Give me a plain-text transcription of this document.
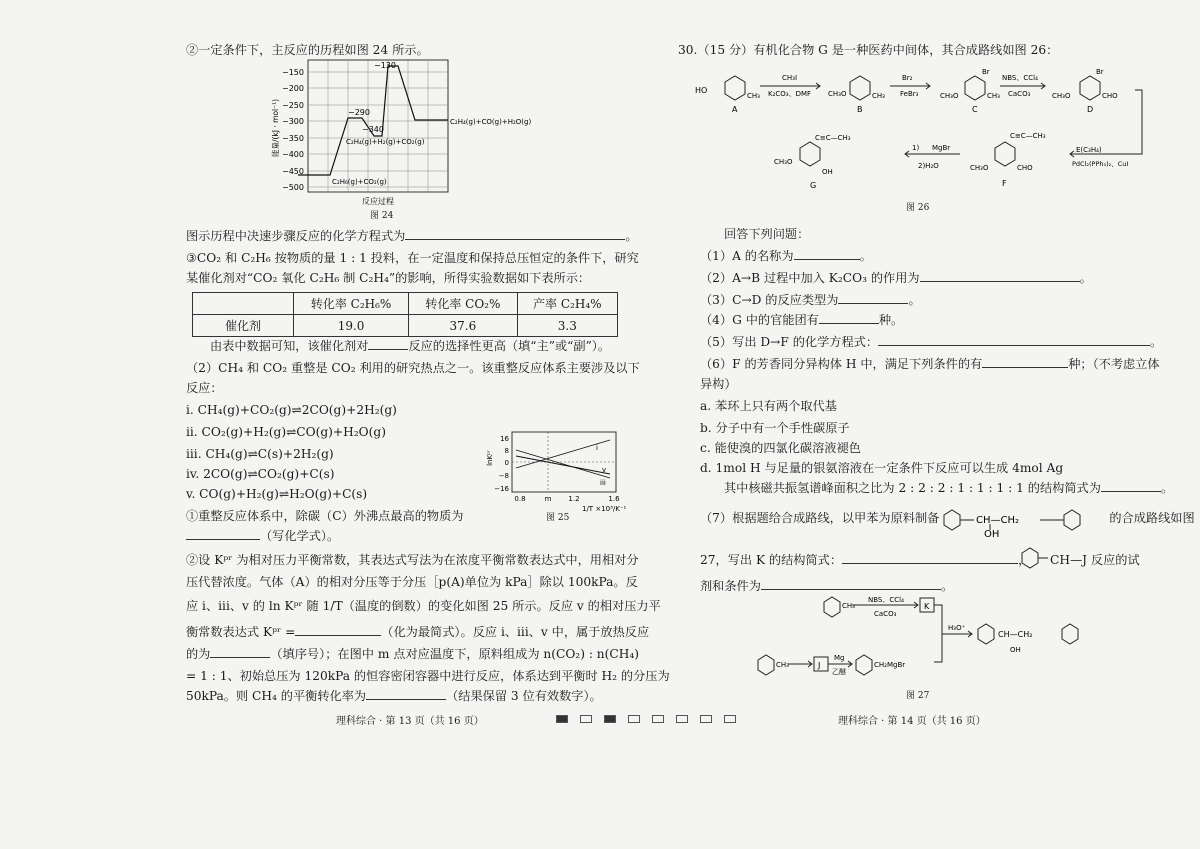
②一定条件下，主反应的历程如图 24 所示。
−150
−200
−250
−300
−350
−400
−450
−500
能量/(kJ · mol⁻¹)	−290
−130
−340
C₂H₄(g)+H₂(g)+CO₂(g)
C₂H₆(g)+CO₂(g)
C₂H₄(g)+CO(g)+H₂O(g)
反应过程
图 24
图示历程中决速步骤反应的化学方程式为	。
③CO₂ 和 C₂H₆ 按物质的量 1 : 1 投料，在一定温度和保持总压恒定的条件下，研究
某催化剂对“CO₂ 氧化 C₂H₆ 制 C₂H₄”的影响，所得实验数据如下表所示：
	转化率 C₂H₆%	转化率 CO₂%	产率 C₂H₄%
催化剂	19.0	37.6	3.3
由表中数据可知，该催化剂对	反应的选择性更高（填“主”或“副”）。
（2）CH₄ 和 CO₂ 重整是 CO₂ 利用的研究热点之一。该重整反应体系主要涉及以下
反应：
i. CH₄(g)+CO₂(g)⇌2CO(g)+2H₂(g)
ii. CO₂(g)+H₂(g)⇌CO(g)+H₂O(g)
iii. CH₄(g)⇌C(s)+2H₂(g)
iv. 2CO(g)⇌CO₂(g)+C(s)
v. CO(g)+H₂(g)⇌H₂O(g)+C(s)
i
iii
v
16
8
0
−8
−16
lnKᵖʳ
0.8	m 1.2	1.6
1/T ×10³/K⁻¹
图 25
①重整反应体系中，除碳（C）外沸点最高的物质为
（写化学式）。
②设 Kᵖʳ 为相对压力平衡常数，其表达式写法为在浓度平衡常数表达式中，用相对分
压代替浓度。气体（A）的相对分压等于分压［p(A)单位为 kPa］除以 100kPa。反
应 i、iii、v 的 ln Kᵖʳ 随 1/T（温度的倒数）的变化如图 25 所示。反应 v 的相对压力平
衡常数表达式 Kᵖʳ =	（化为最简式）。反应 i、iii、v 中，属于放热反应
的为	（填序号）；在图中 m 点对应温度下，原料组成为 n(CO₂) : n(CH₄)
= 1 : 1、初始总压为 120kPa 的恒容密闭容器中进行反应，体系达到平衡时 H₂ 的分压为
50kPa。则 CH₄ 的平衡转化率为	（结果保留 3 位有效数字）。
理科综合 · 第 13 页（共 16 页）
30.（15 分）有机化合物 G 是一种医药中间体，其合成路线如图 26：
HO
CH₃
A
CH₃I
K₂CO₃、DMF CH₃O	CH₃
B
Br₂
FeBr₃	CH₃O
Br
CH₃
C
NBS、CCl₄
CaCO₃	CH₃O
Br
CHO
D
E(C₃H₄)
PdCl₂(PPh₃)₂、CuI
C≡C—CH₃
CH₃O	CHO
F
1) MgBr
2)H₂O
C≡C—CH₃
CH₃O
OH
G
图 26
回答下列问题：
（1）A 的名称为	。
（2）A→B 过程中加入 K₂CO₃ 的作用为	。
（3）C→D 的反应类型为	。
（4）G 中的官能团有	种。
（5）写出 D→F 的化学方程式：	。
（6）F 的芳香同分异构体 H 中，满足下列条件的有	种；（不考虑立体
异构）
a. 苯环上只有两个取代基
b. 分子中有一个手性碳原子
c. 能使溴的四氯化碳溶液褪色
d. 1mol H 与足量的银氨溶液在一定条件下反应可以生成 4mol Ag
其中核磁共振氢谱峰面积之比为 2 : 2 : 2 : 1 : 1 : 1 : 1 的结构简式为	。
（7）根据题给合成路线，以甲苯为原料制备	的合成路线如图
CH—CH₂
OH
27，写出 K 的结构简式：	， CH—J 反应的试
剂和条件为	。
CH₃
NBS、CCl₄
CaCO₃
K
H₃O⁺
CH—CH₂
OH
CH₃	J
Mg
乙醚
CH₂MgBr
图 27
理科综合 · 第 14 页（共 16 页）
